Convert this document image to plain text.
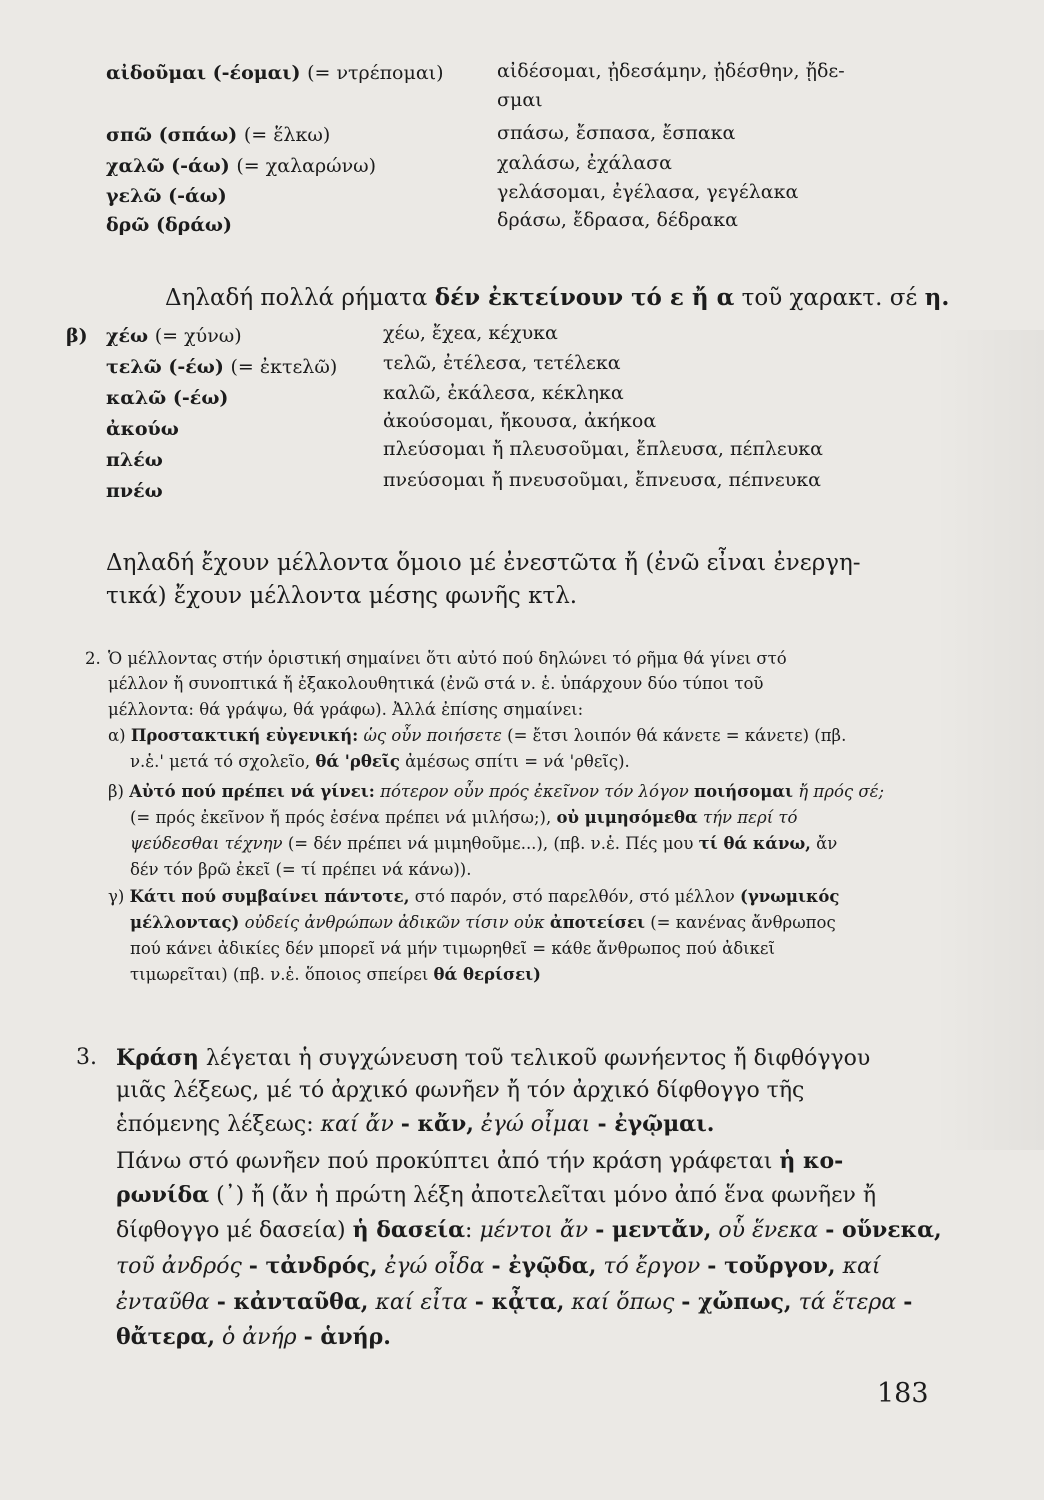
αἰδοῦμαι (-έομαι) (= ντρέπομαι)	αἰδέσομαι, ᾐδεσάμην, ᾐδέσθην, ᾔδε-
σμαι
σπῶ (σπάω) (= ἕλκω)	σπάσω, ἔσπασα, ἔσπακα
χαλῶ (-άω) (= χαλαρώνω)	χαλάσω, ἐχάλασα
γελῶ (-άω)	γελάσομαι, ἐγέλασα, γεγέλακα
δρῶ (δράω)	δράσω, ἔδρασα, δέδρακα
Δηλαδή πολλά ρήματα δέν ἐκτείνουν τό ε ἤ α τοῦ χαρακτ. σέ η.
β) χέω (= χύνω)	χέω, ἔχεα, κέχυκα
τελῶ (-έω) (= ἐκτελῶ) τελῶ, ἐτέλεσα, τετέλεκα
καλῶ (-έω)	καλῶ, ἐκάλεσα, κέκληκα
ἀκούω	ἀκούσομαι, ἤκουσα, ἀκήκοα
πλέω	πλεύσομαι ἤ πλευσοῦμαι, ἔπλευσα, πέπλευκα
πνέω	πνεύσομαι ἤ πνευσοῦμαι, ἔπνευσα, πέπνευκα
Δηλαδή ἔχουν μέλλοντα ὅμοιο μέ ἐνεστῶτα ἤ (ἐνῶ εἶναι ἐνεργη-
τικά) ἔχουν μέλλοντα μέσης φωνῆς κτλ.
2. Ὁ μέλλοντας στήν ὁριστική σημαίνει ὅτι αὐτό πού δηλώνει τό ρῆμα θά γίνει στό
μέλλον ἤ συνοπτικά ἤ ἐξακολουθητικά (ἐνῶ στά ν. ἑ. ὑπάρχουν δύο τύποι τοῦ
μέλλοντα: θά γράψω, θά γράφω). Ἀλλά ἐπίσης σημαίνει:
α) Προστακτική εὐγενική: ὡς οὖν ποιήσετε (= ἔτσι λοιπόν θά κάνετε = κάνετε) (πβ.
ν.ἑ.' μετά τό σχολεῖο, θά 'ρθεῖς ἀμέσως σπίτι = νά 'ρθεῖς).
β) Αὐτό πού πρέπει νά γίνει: πότερον οὖν πρός ἐκεῖνον τόν λόγον ποιήσομαι ἤ πρός σέ;
(= πρός ἐκεῖνον ἤ πρός ἐσένα πρέπει νά μιλήσω;), οὐ μιμησόμεθα τήν περί τό
ψεύδεσθαι τέχνην (= δέν πρέπει νά μιμηθοῦμε...), (πβ. ν.ἑ. Πές μου τί θά κάνω, ἄν
δέν τόν βρῶ ἐκεῖ (= τί πρέπει νά κάνω)).
γ) Κάτι πού συμβαίνει πάντοτε, στό παρόν, στό παρελθόν, στό μέλλον (γνωμικός
μέλλοντας) οὐδείς ἀνθρώπων ἀδικῶν τίσιν οὐκ ἀποτείσει (= κανένας ἄνθρωπος
πού κάνει ἀδικίες δέν μπορεῖ νά μήν τιμωρηθεῖ = κάθε ἄνθρωπος πού ἀδικεῖ
τιμωρεῖται) (πβ. ν.ἑ. ὅποιος σπείρει θά θερίσει)
3. Κράση λέγεται ἡ συγχώνευση τοῦ τελικοῦ φωνήεντος ἤ διφθόγγου
μιᾶς λέξεως, μέ τό ἀρχικό φωνῆεν ἤ τόν ἀρχικό δίφθογγο τῆς
ἑπόμενης λέξεως: καί ἄν - κἄν, ἐγώ οἶμαι - ἐγῷμαι.
Πάνω στό φωνῆεν πού προκύπτει ἀπό τήν κράση γράφεται ἡ κο-
ρωνίδα (᾿) ἤ (ἄν ἡ πρώτη λέξη ἀποτελεῖται μόνο ἀπό ἕνα φωνῆεν ἤ
δίφθογγο μέ δασεία) ἡ δασεία: μέντοι ἄν - μεντἄν, οὗ ἕνεκα - οὕνεκα,
τοῦ ἀνδρός - τἀνδρός, ἐγώ οἶδα - ἐγῷδα, τό ἔργον - τοὔργον, καί
ἐνταῦθα - κἀνταῦθα, καί εἶτα - κᾆτα, καί ὅπως - χὤπως, τά ἕτερα -
θἄτερα, ὁ ἀνήρ - ἁνήρ.
183
